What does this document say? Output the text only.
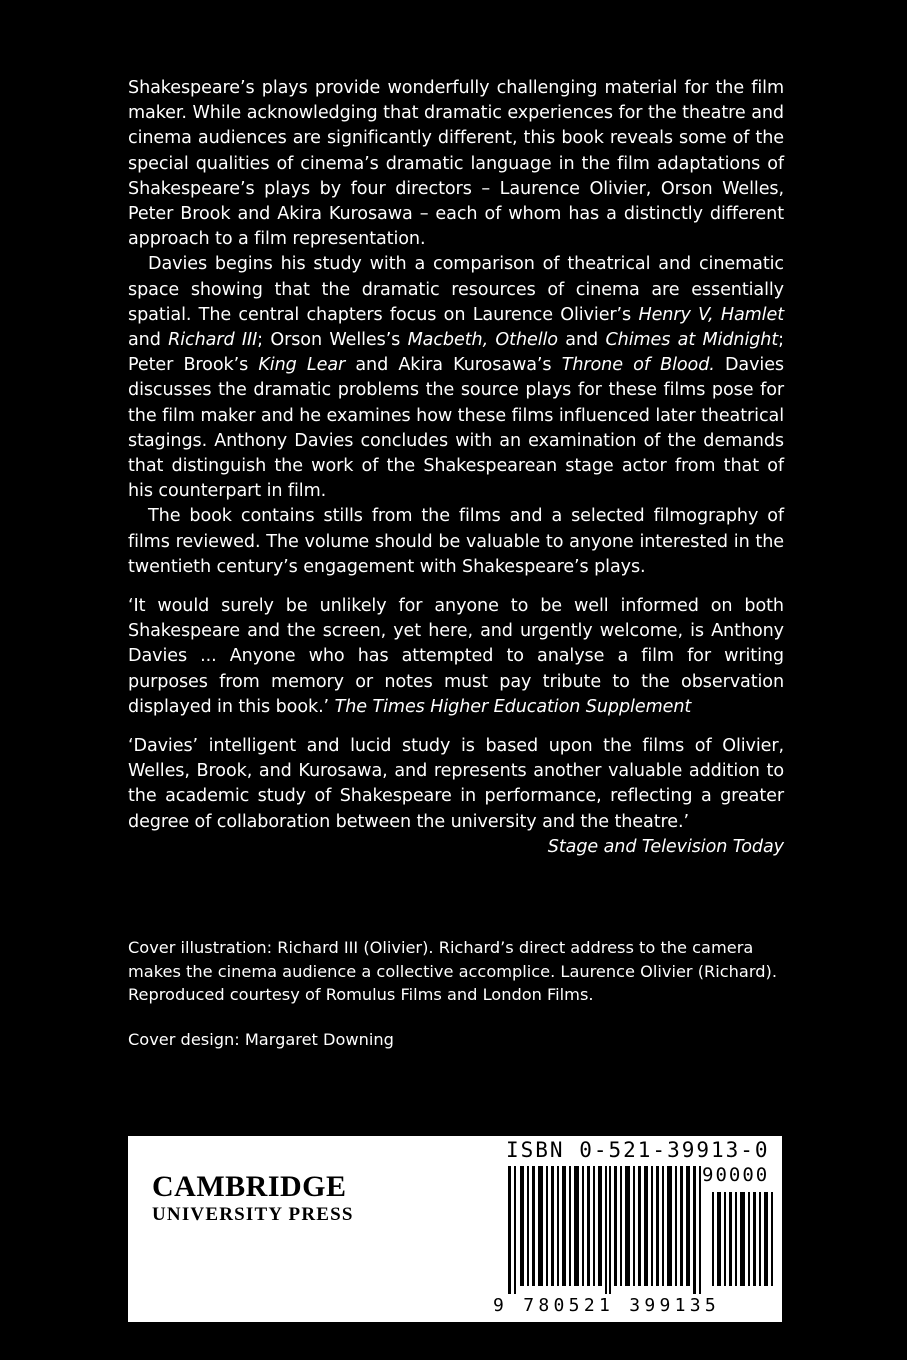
Shakespeare’s plays provide wonderfully challenging material for the film maker. While acknowledging that dramatic experiences for the theatre and cinema audiences are significantly different, this book reveals some of the special qualities of cinema’s dramatic language in the film adaptations of Shakespeare’s plays by four directors – Laurence Olivier, Orson Welles, Peter Brook and Akira Kurosawa – each of whom has a distinctly different approach to a film representation.

Davies begins his study with a comparison of theatrical and cinematic space showing that the dramatic resources of cinema are essentially spatial. The central chapters focus on Laurence Olivier’s Henry V, Hamlet and Richard III; Orson Welles’s Macbeth, Othello and Chimes at Midnight; Peter Brook’s King Lear and Akira Kurosawa’s Throne of Blood. Davies discusses the dramatic problems the source plays for these films pose for the film maker and he examines how these films influenced later theatrical stagings. Anthony Davies concludes with an examination of the demands that distinguish the work of the Shakespearean stage actor from that of his counterpart in film.

The book contains stills from the films and a selected filmography of films reviewed. The volume should be valuable to anyone interested in the twentieth century’s engagement with Shakespeare’s plays.

‘It would surely be unlikely for anyone to be well informed on both Shakespeare and the screen, yet here, and urgently welcome, is Anthony Davies ... Anyone who has attempted to analyse a film for writing purposes from memory or notes must pay tribute to the observation displayed in this book.’ The Times Higher Education Supplement
‘Davies’ intelligent and lucid study is based upon the films of Olivier, Welles, Brook, and Kurosawa, and represents another valuable addition to the academic study of Shakespeare in performance, reflecting a greater degree of collaboration between the university and the theatre.’
Stage and Television Today
Cover illustration: Richard III (Olivier). Richard’s direct address to the camera makes the cinema audience a collective accomplice. Laurence Olivier (Richard). Reproduced courtesy of Romulus Films and London Films.
Cover design: Margaret Downing
CAMBRIDGE
UNIVERSITY PRESS
ISBN 0-521-39913-0
90000
9 780521 399135
